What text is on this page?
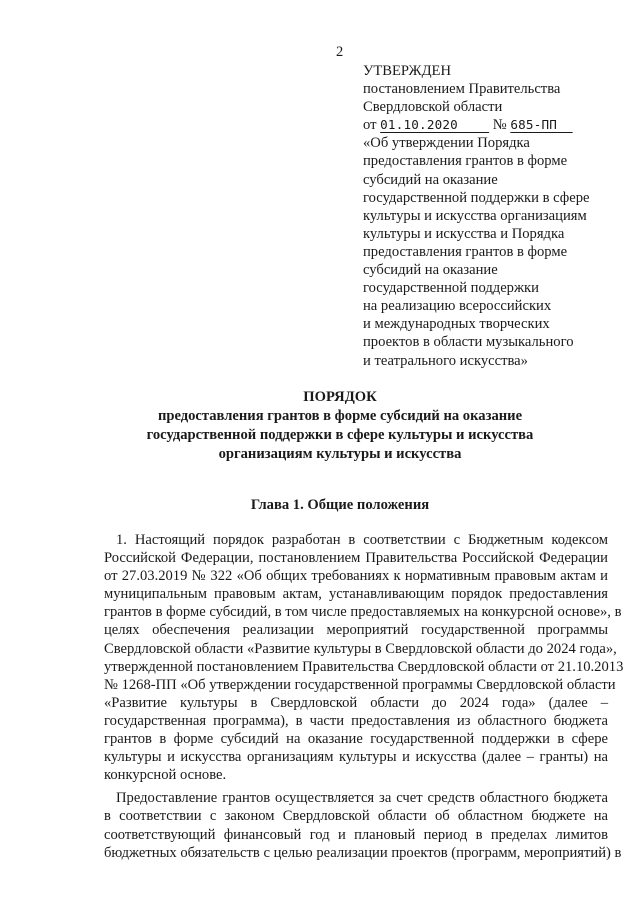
2
УТВЕРЖДЕН
постановлением Правительства
Свердловской области
от 01.10.2020 № 685-ПП
«Об утверждении Порядка
предоставления грантов в форме
субсидий на оказание
государственной поддержки в сфере
культуры и искусства организациям
культуры и искусства и Порядка
предоставления грантов в форме
субсидий на оказание
государственной поддержки
на реализацию всероссийских
и международных творческих
проектов в области музыкального
и театрального искусства»
ПОРЯДОК
предоставления грантов в форме субсидий на оказание
государственной поддержки в сфере культуры и искусства
организациям культуры и искусства
Глава 1. Общие положения
1. Настоящий порядок разработан в соответствии с Бюджетным кодексом
Российской Федерации, постановлением Правительства Российской Федерации
от 27.03.2019 № 322 «Об общих требованиях к нормативным правовым актам и
муниципальным правовым актам, устанавливающим порядок предоставления
грантов в форме субсидий, в том числе предоставляемых на конкурсной основе», в
целях обеспечения реализации мероприятий государственной программы
Свердловской области «Развитие культуры в Свердловской области до 2024 года»,
утвержденной постановлением Правительства Свердловской области от 21.10.2013
№ 1268-ПП «Об утверждении государственной программы Свердловской области
«Развитие культуры в Свердловской области до 2024 года» (далее –
государственная программа), в части предоставления из областного бюджета
грантов в форме субсидий на оказание государственной поддержки в сфере
культуры и искусства организациям культуры и искусства (далее – гранты) на
конкурсной основе.
Предоставление грантов осуществляется за счет средств областного бюджета
в соответствии с законом Свердловской области об областном бюджете на
соответствующий финансовый год и плановый период в пределах лимитов
бюджетных обязательств с целью реализации проектов (программ, мероприятий) в
